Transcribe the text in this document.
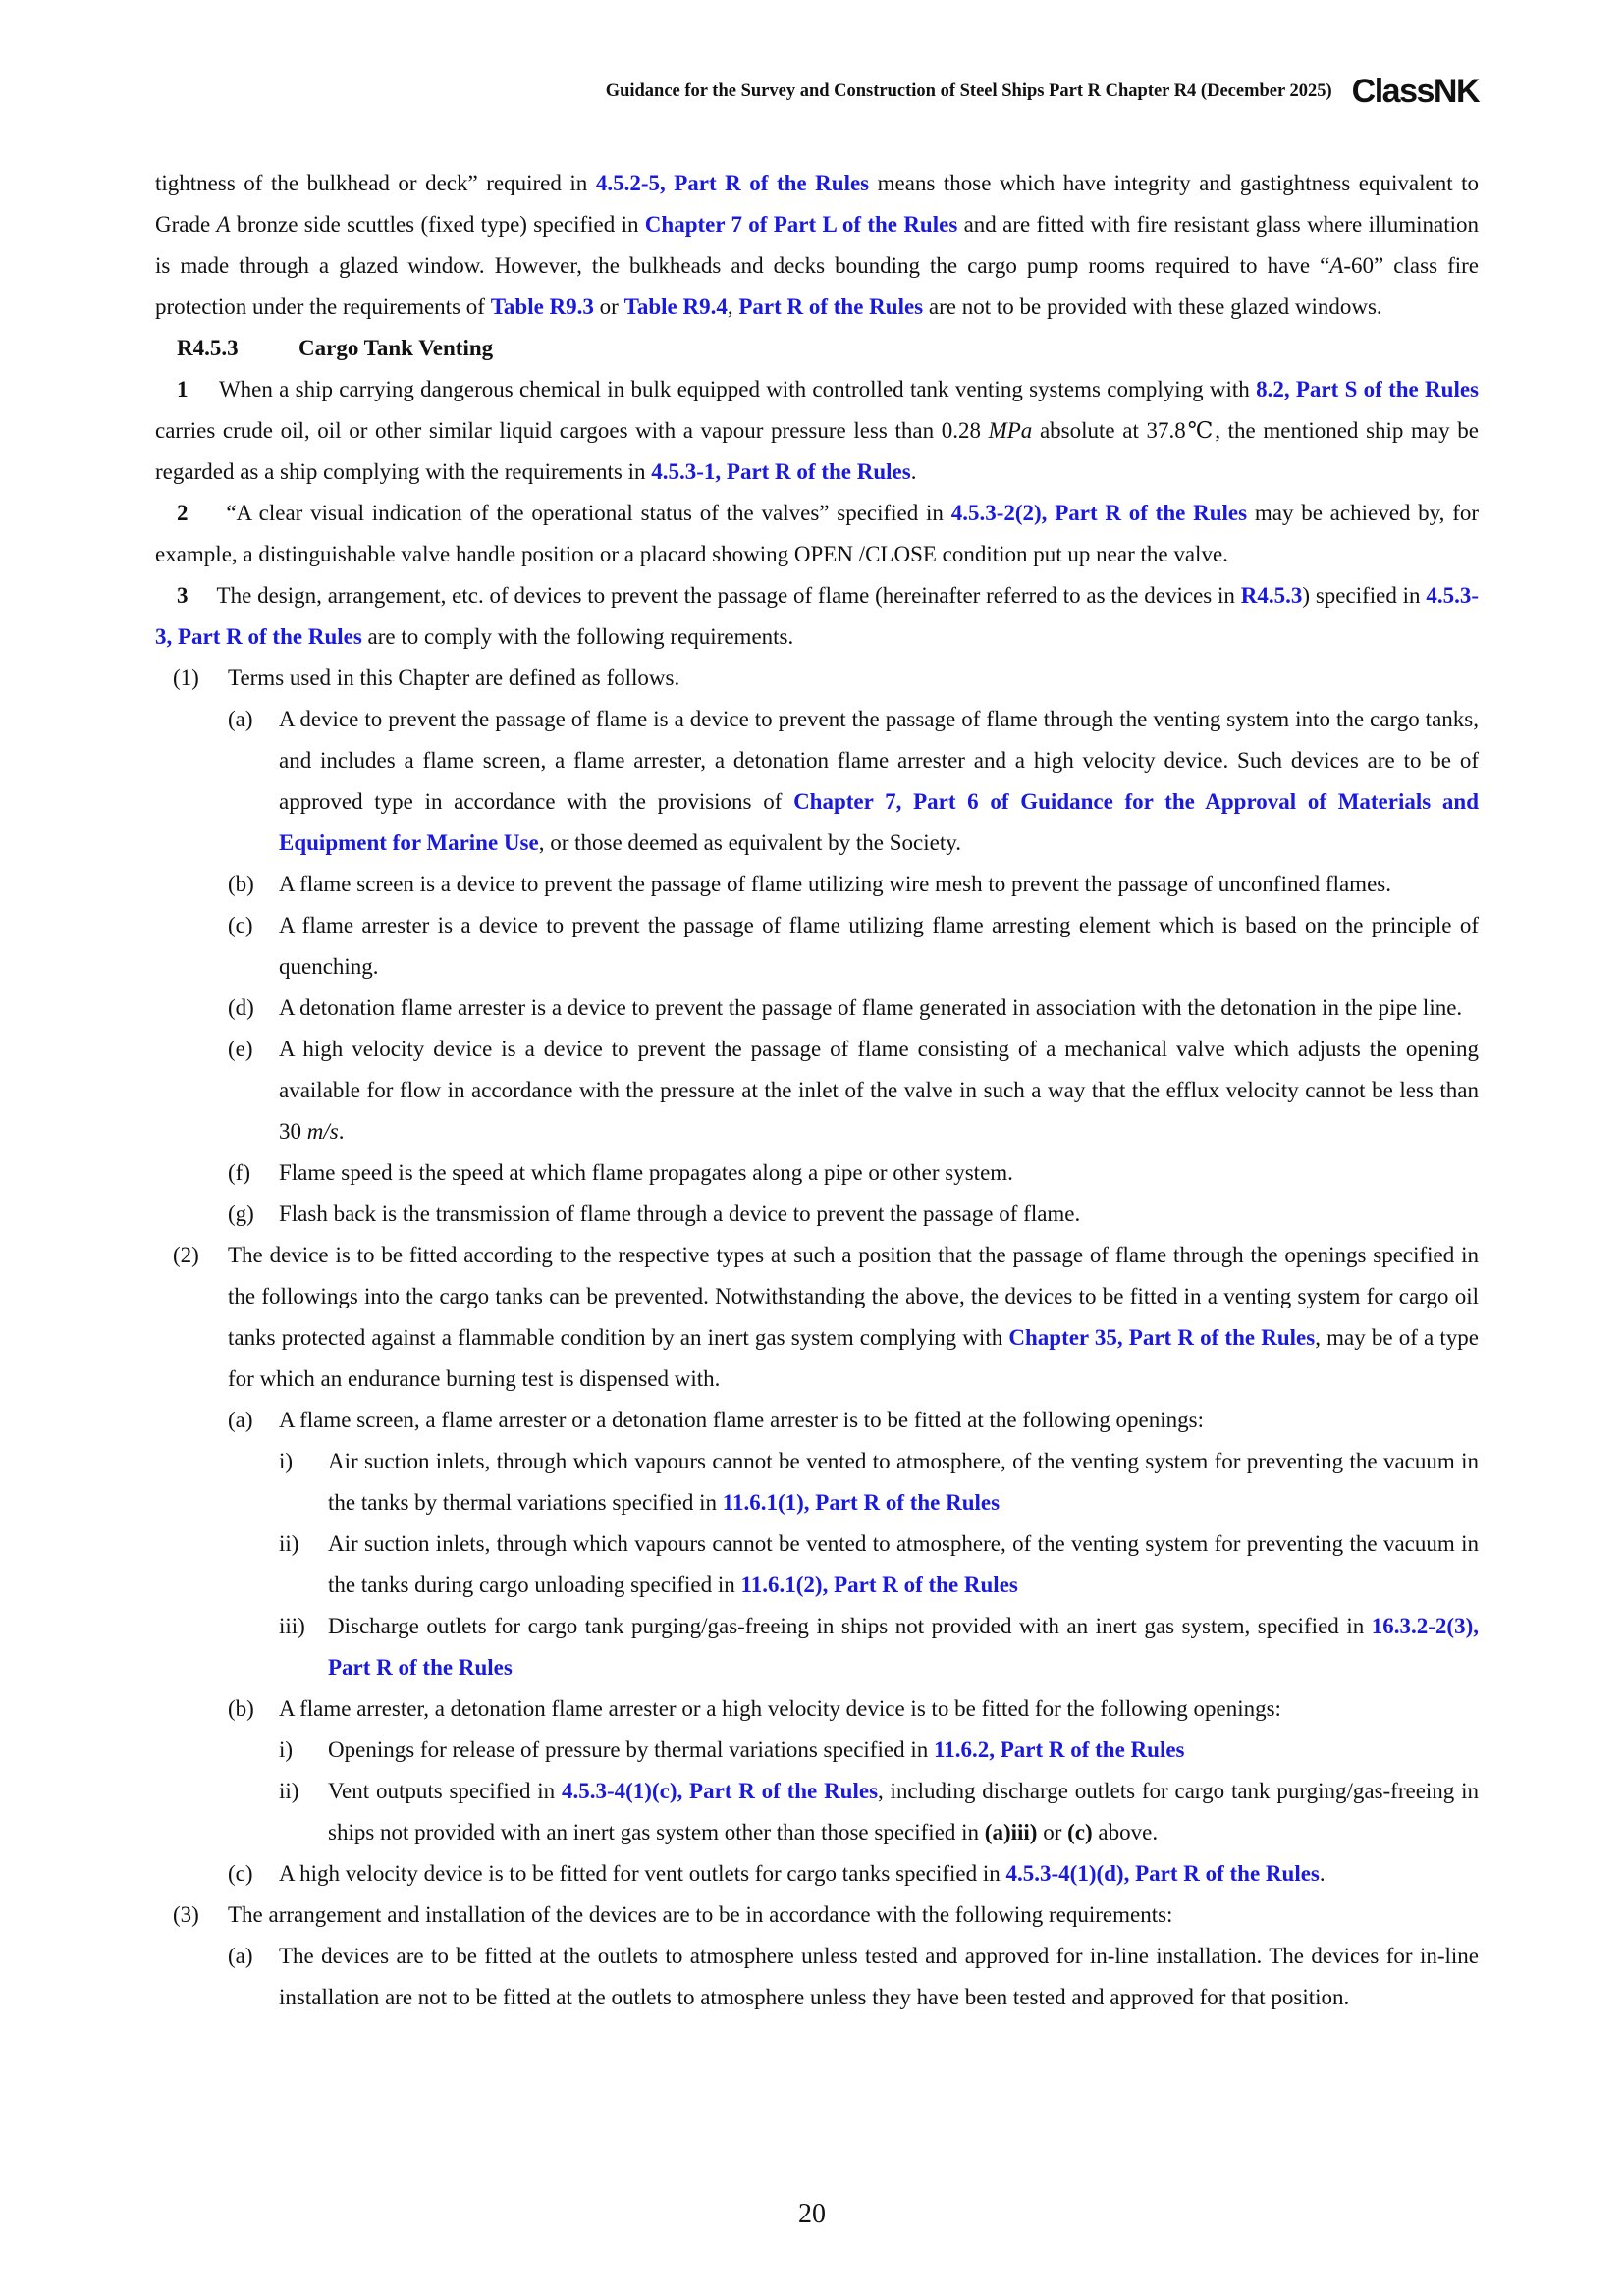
Guidance for the Survey and Construction of Steel Ships Part R Chapter R4 (December 2025) ClassNK

tightness of the bulkhead or deck” required in 4.5.2-5, Part R of the Rules means those which have integrity and gastightness equivalent to Grade A bronze side scuttles (fixed type) specified in Chapter 7 of Part L of the Rules and are fitted with fire resistant glass where illumination is made through a glazed window. However, the bulkheads and decks bounding the cargo pump rooms required to have “A-60” class fire protection under the requirements of Table R9.3 or Table R9.4, Part R of the Rules are not to be provided with these glazed windows.

R4.5.3	Cargo Tank Venting

1 When a ship carrying dangerous chemical in bulk equipped with controlled tank venting systems complying with 8.2, Part S of the Rules carries crude oil, oil or other similar liquid cargoes with a vapour pressure less than 0.28 MPa absolute at 37.8℃, the mentioned ship may be regarded as a ship complying with the requirements in 4.5.3-1, Part R of the Rules.

2 “A clear visual indication of the operational status of the valves” specified in 4.5.3-2(2), Part R of the Rules may be achieved by, for example, a distinguishable valve handle position or a placard showing OPEN /CLOSE condition put up near the valve.

3 The design, arrangement, etc. of devices to prevent the passage of flame (hereinafter referred to as the devices in R4.5.3) specified in 4.5.3-3, Part R of the Rules are to comply with the following requirements.

(1)	Terms used in this Chapter are defined as follows.
(a)	A device to prevent the passage of flame is a device to prevent the passage of flame through the venting system into the cargo tanks, and includes a flame screen, a flame arrester, a detonation flame arrester and a high velocity device. Such devices are to be of approved type in accordance with the provisions of Chapter 7, Part 6 of Guidance for the Approval of Materials and Equipment for Marine Use, or those deemed as equivalent by the Society.
(b)	A flame screen is a device to prevent the passage of flame utilizing wire mesh to prevent the passage of unconfined flames.
(c)	A flame arrester is a device to prevent the passage of flame utilizing flame arresting element which is based on the principle of quenching.
(d)	A detonation flame arrester is a device to prevent the passage of flame generated in association with the detonation in the pipe line.
(e)	A high velocity device is a device to prevent the passage of flame consisting of a mechanical valve which adjusts the opening available for flow in accordance with the pressure at the inlet of the valve in such a way that the efflux velocity cannot be less than 30 m/s.
(f)	Flame speed is the speed at which flame propagates along a pipe or other system.
(g)	Flash back is the transmission of flame through a device to prevent the passage of flame.
(2)	The device is to be fitted according to the respective types at such a position that the passage of flame through the openings specified in the followings into the cargo tanks can be prevented. Notwithstanding the above, the devices to be fitted in a venting system for cargo oil tanks protected against a flammable condition by an inert gas system complying with Chapter 35, Part R of the Rules, may be of a type for which an endurance burning test is dispensed with.
(a)	A flame screen, a flame arrester or a detonation flame arrester is to be fitted at the following openings:
i)	Air suction inlets, through which vapours cannot be vented to atmosphere, of the venting system for preventing the vacuum in the tanks by thermal variations specified in 11.6.1(1), Part R of the Rules
ii)	Air suction inlets, through which vapours cannot be vented to atmosphere, of the venting system for preventing the vacuum in the tanks during cargo unloading specified in 11.6.1(2), Part R of the Rules
iii)	Discharge outlets for cargo tank purging/gas-freeing in ships not provided with an inert gas system, specified in 16.3.2-2(3), Part R of the Rules
(b)	A flame arrester, a detonation flame arrester or a high velocity device is to be fitted for the following openings:
i)	Openings for release of pressure by thermal variations specified in 11.6.2, Part R of the Rules
ii)	Vent outputs specified in 4.5.3-4(1)(c), Part R of the Rules, including discharge outlets for cargo tank purging/gas-freeing in ships not provided with an inert gas system other than those specified in (a)iii) or (c) above.
(c)	A high velocity device is to be fitted for vent outlets for cargo tanks specified in 4.5.3-4(1)(d), Part R of the Rules.
(3)	The arrangement and installation of the devices are to be in accordance with the following requirements:
(a)	The devices are to be fitted at the outlets to atmosphere unless tested and approved for in-line installation. The devices for in-line installation are not to be fitted at the outlets to atmosphere unless they have been tested and approved for that position.
20
